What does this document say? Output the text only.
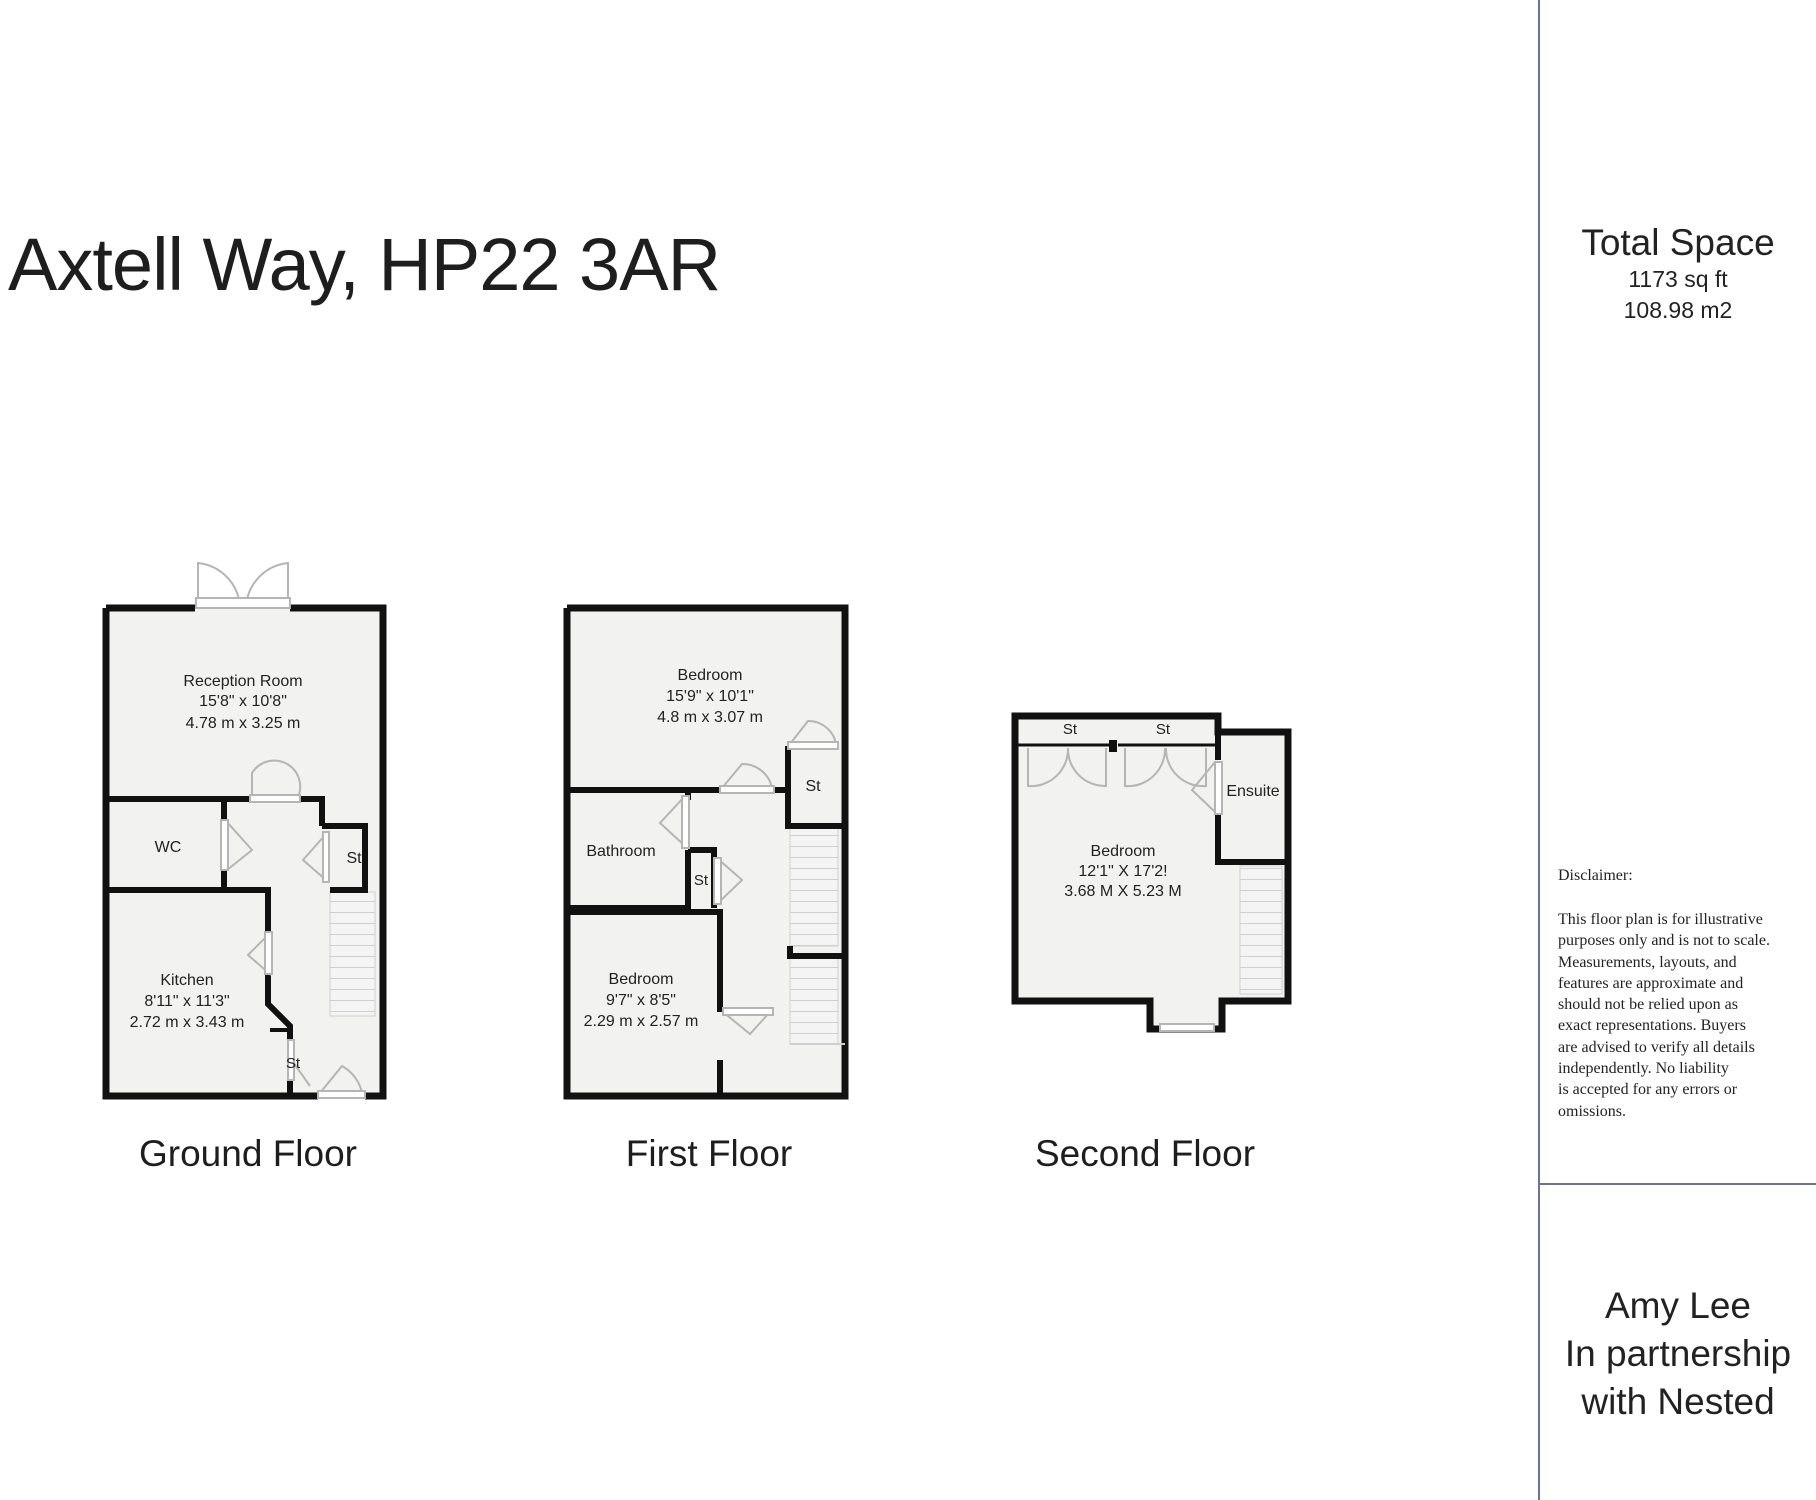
Axtell Way, HP22 3AR	Total Space
1173 sq ft
108.98 m2
Disclaimer:
This floor plan is for illustrative
purposes only and is not to scale.
Measurements, layouts, and
features are approximate and
should not be relied upon as
exact representations. Buyers
are advised to verify all details
independently. No liability
is accepted for any errors or
omissions.
Amy Lee
In partnership
with Nested
Reception Room
15'8" x 10'8"
4.78 m x 3.25 m
WC
St
Kitchen
8'11" x 11'3"
2.72 m x 3.43 m
St
Bedroom
15'9" x 10'1"
4.8 m x 3.07 m
St
Bathroom
St
Bedroom
9'7" x 8'5"
2.29 m x 2.57 m
St	St
Ensuite
Bedroom
12'1" X 17'2!
3.68 M X 5.23 M
Ground Floor	First Floor	Second Floor
